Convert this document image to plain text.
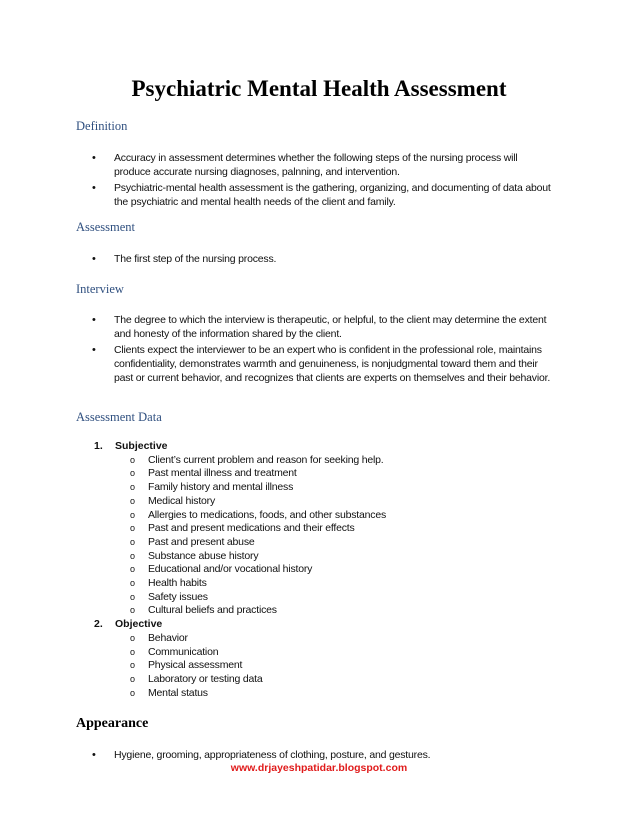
Psychiatric Mental Health Assessment
Definition
• Accuracy in assessment determines whether the following steps of the nursing process will produce accurate nursing diagnoses, palnning, and intervention.
• Psychiatric-mental health assessment is the gathering, organizing, and documenting of data about the psychiatric and mental health needs of the client and family.
Assessment
• The first step of the nursing process.
Interview
• The degree to which the interview is therapeutic, or helpful, to the client may determine the extent and honesty of the information shared by the client.
• Clients expect the interviewer to be an expert who is confident in the professional role, maintains confidentiality, demonstrates warmth and genuineness, is nonjudgmental toward them and their past or current behavior, and recognizes that clients are experts on themselves and their behavior.
Assessment Data
1. Subjective
o Client’s current problem and reason for seeking help.
o Past mental illness and treatment
o Family history and mental illness
o Medical history
o Allergies to medications, foods, and other substances
o Past and present medications and their effects
o Past and present abuse
o Substance abuse history
o Educational and/or vocational history
o Health habits
o Safety issues
o Cultural beliefs and practices
2. Objective
o Behavior
o Communication
o Physical assessment
o Laboratory or testing data
o Mental status
Appearance
• Hygiene, grooming, appropriateness of clothing, posture, and gestures.
www.drjayeshpatidar.blogspot.com
